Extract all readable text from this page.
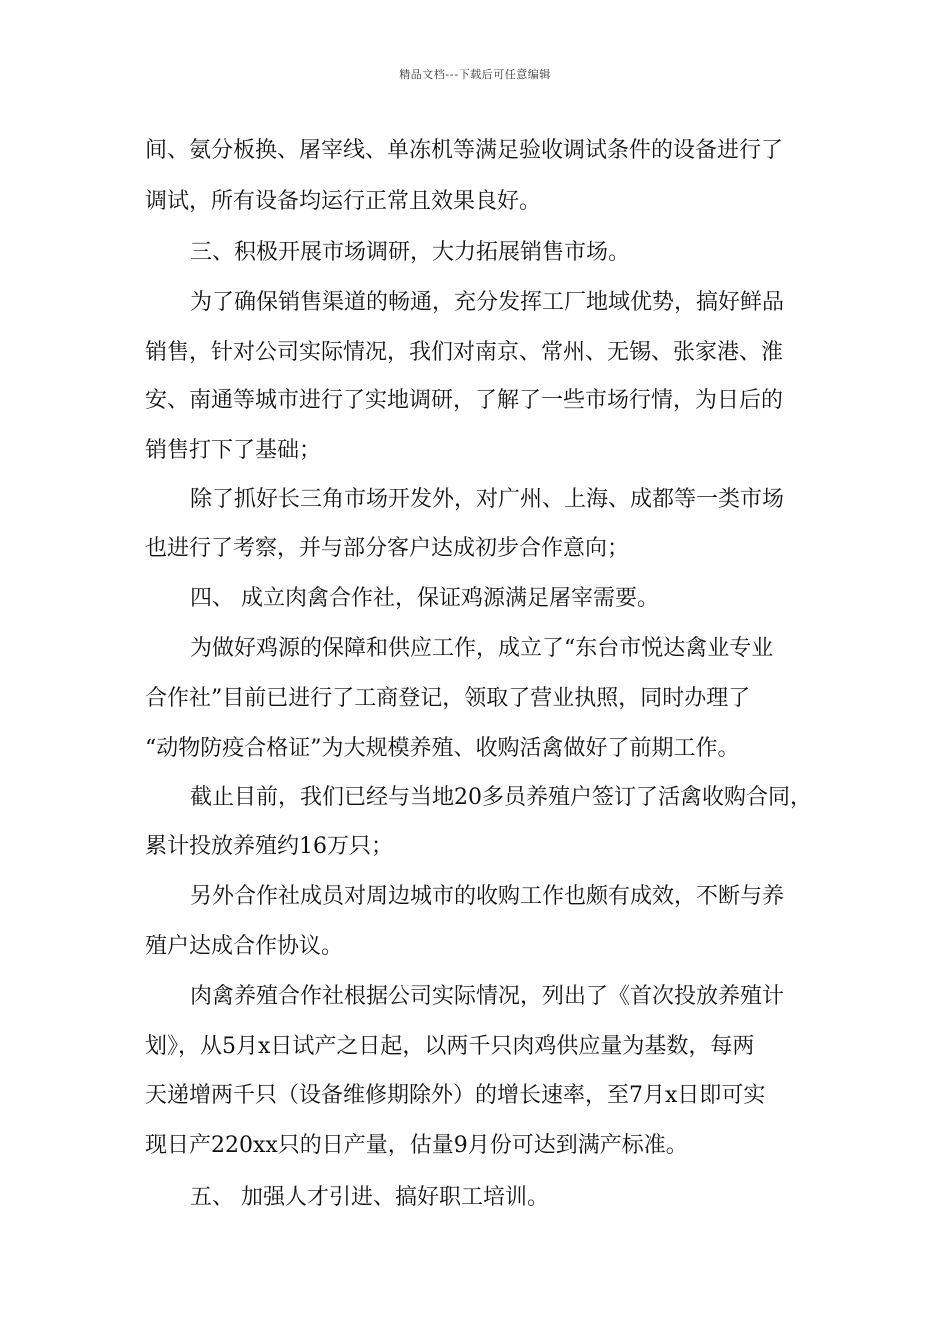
精品文档---下载后可任意编辑
间、氨分板换、屠宰线、单冻机等满足验收调试条件的设备进行了
调试，所有设备均运行正常且效果良好。
三、积极开展市场调研，大力拓展销售市场。
为了确保销售渠道的畅通，充分发挥工厂地域优势，搞好鲜品
销售，针对公司实际情况，我们对南京、常州、无锡、张家港、淮
安、南通等城市进行了实地调研，了解了一些市场行情，为日后的
销售打下了基础；
除了抓好长三角市场开发外，对广州、上海、成都等一类市场
也进行了考察，并与部分客户达成初步合作意向；
四、 成立肉禽合作社，保证鸡源满足屠宰需要。
为做好鸡源的保障和供应工作，成立了“东台市悦达禽业专业
合作社”目前已进行了工商登记，领取了营业执照，同时办理了
“动物防疫合格证”为大规模养殖、收购活禽做好了前期工作。
截止目前，我们已经与当地20多员养殖户签订了活禽收购合同，
累计投放养殖约16万只；
另外合作社成员对周边城市的收购工作也颇有成效，不断与养
殖户达成合作协议。
肉禽养殖合作社根据公司实际情况，列出了《首次投放养殖计
划》，从5月x日试产之日起，以两千只肉鸡供应量为基数，每两
天递增两千只（设备维修期除外）的增长速率，至7月x日即可实
现日产220xx只的日产量，估量9月份可达到满产标准。
五、 加强人才引进、搞好职工培训。
